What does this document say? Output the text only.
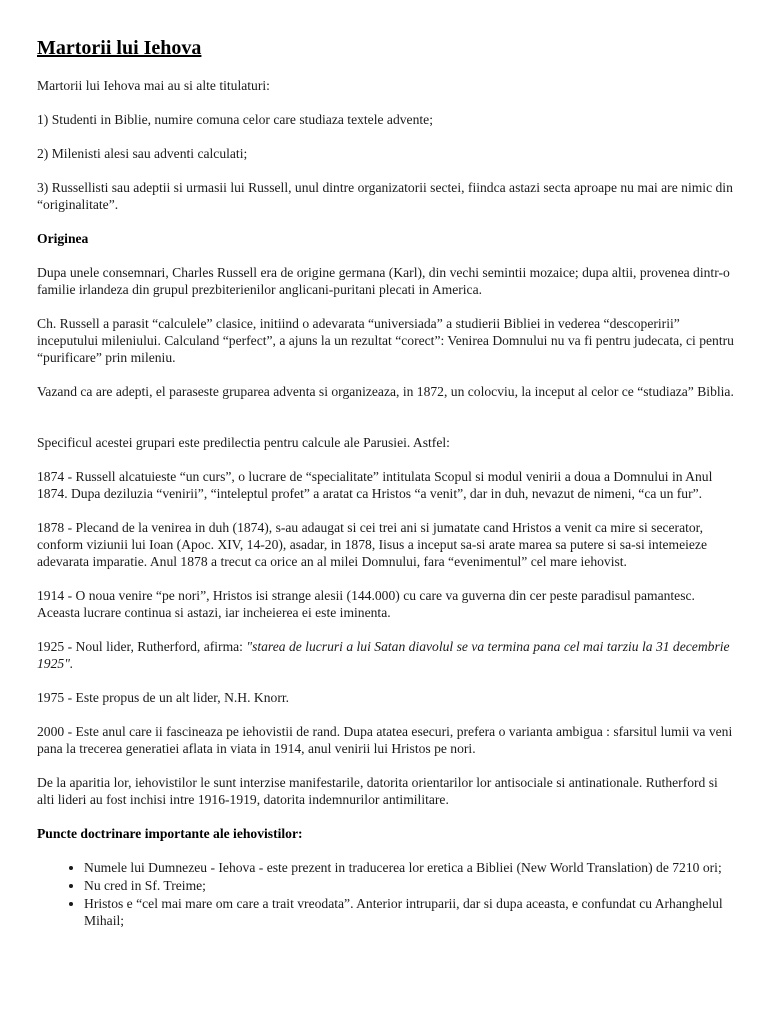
Martorii lui Iehova

Martorii lui Iehova mai au si alte titulaturi:

1) Studenti in Biblie, numire comuna celor care studiaza textele advente;

2) Milenisti alesi sau adventi calculati;

3) Russellisti sau adeptii si urmasii lui Russell, unul dintre organizatorii sectei, fiindca astazi secta aproape nu mai are nimic din “originalitate”.

Originea

Dupa unele consemnari, Charles Russell era de origine germana (Karl), din vechi semintii mozaice; dupa altii, provenea dintr-o familie irlandeza din grupul prezbiterienilor anglicani-puritani plecati in America.

Ch. Russell a parasit “calculele” clasice, initiind o adevarata “universiada” a studierii Bibliei in vederea “descoperirii” inceputului mileniului. Calculand “perfect”, a ajuns la un rezultat “corect”: Venirea Domnului nu va fi pentru judecata, ci pentru “purificare” prin mileniu.

Vazand ca are adepti, el paraseste gruparea adventa si organizeaza, in 1872, un colocviu, la inceput al celor ce “studiaza” Biblia.

Specificul acestei grupari este predilectia pentru calcule ale Parusiei. Astfel:

1874 - Russell alcatuieste “un curs”, o lucrare de “specialitate” intitulata Scopul si modul venirii a doua a Domnului in Anul 1874. Dupa deziluzia “venirii”, “inteleptul profet” a aratat ca Hristos “a venit”, dar in duh, nevazut de nimeni, “ca un fur”.

1878 - Plecand de la venirea in duh (1874), s-au adaugat si cei trei ani si jumatate cand Hristos a venit ca mire si secerator, conform viziunii lui Ioan (Apoc. XIV, 14-20), asadar, in 1878, Iisus a inceput sa-si arate marea sa putere si sa-si intemeieze adevarata imparatie. Anul 1878 a trecut ca orice an al milei Domnului, fara “evenimentul” cel mare iehovist.

1914 - O noua venire “pe nori”, Hristos isi strange alesii (144.000) cu care va guverna din cer peste paradisul pamantesc. Aceasta lucrare continua si astazi, iar incheierea ei este iminenta.

1925 - Noul lider, Rutherford, afirma: "starea de lucruri a lui Satan diavolul se va termina pana cel mai tarziu la 31 decembrie 1925".

1975 - Este propus de un alt lider, N.H. Knorr.

2000 - Este anul care ii fascineaza pe iehovistii de rand. Dupa atatea esecuri, prefera o varianta ambigua : sfarsitul lumii va veni pana la trecerea generatiei aflata in viata in 1914, anul venirii lui Hristos pe nori.

De la aparitia lor, iehovistilor le sunt interzise manifestarile, datorita orientarilor lor antisociale si antinationale. Rutherford si alti lideri au fost inchisi intre 1916-1919, datorita indemnurilor antimilitare.

Puncte doctrinare importante ale iehovistilor:

• Numele lui Dumnezeu - Iehova - este prezent in traducerea lor eretica a Bibliei (New World Translation) de 7210 ori;
• Nu cred in Sf. Treime;
• Hristos e “cel mai mare om care a trait vreodata”. Anterior intruparii, dar si dupa aceasta, e confundat cu Arhanghelul Mihail;
